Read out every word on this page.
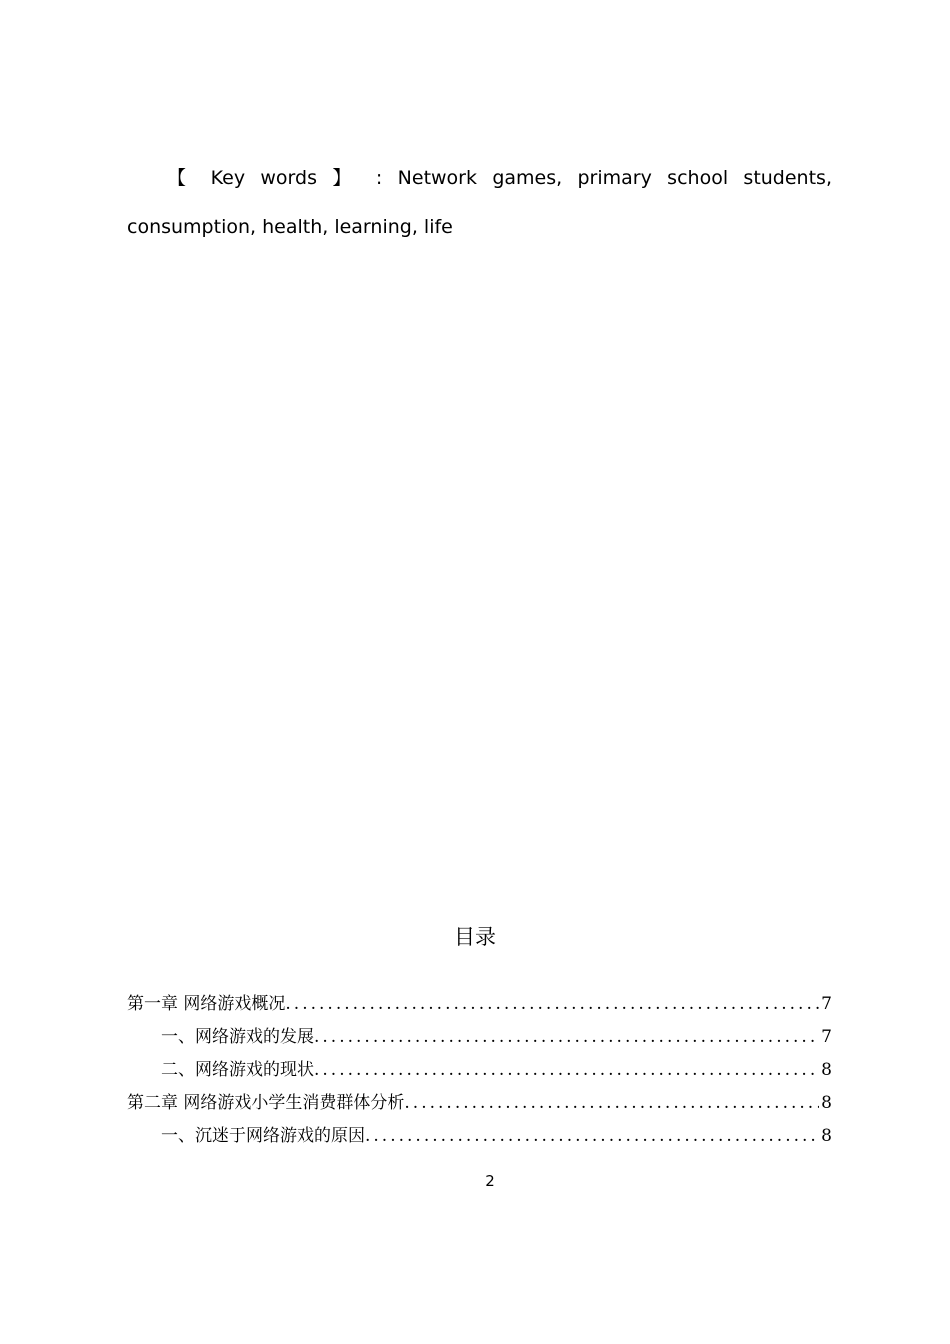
【 Key words 】 : Network games, primary school students, consumption, health, learning, life

目录
第一章 网络游戏概况 .....	7
一、网络游戏的发展 .....	7
二、网络游戏的现状 .....	8
第二章 网络游戏小学生消费群体分析 .....	8
一、沉迷于网络游戏的原因 .....	8
2
